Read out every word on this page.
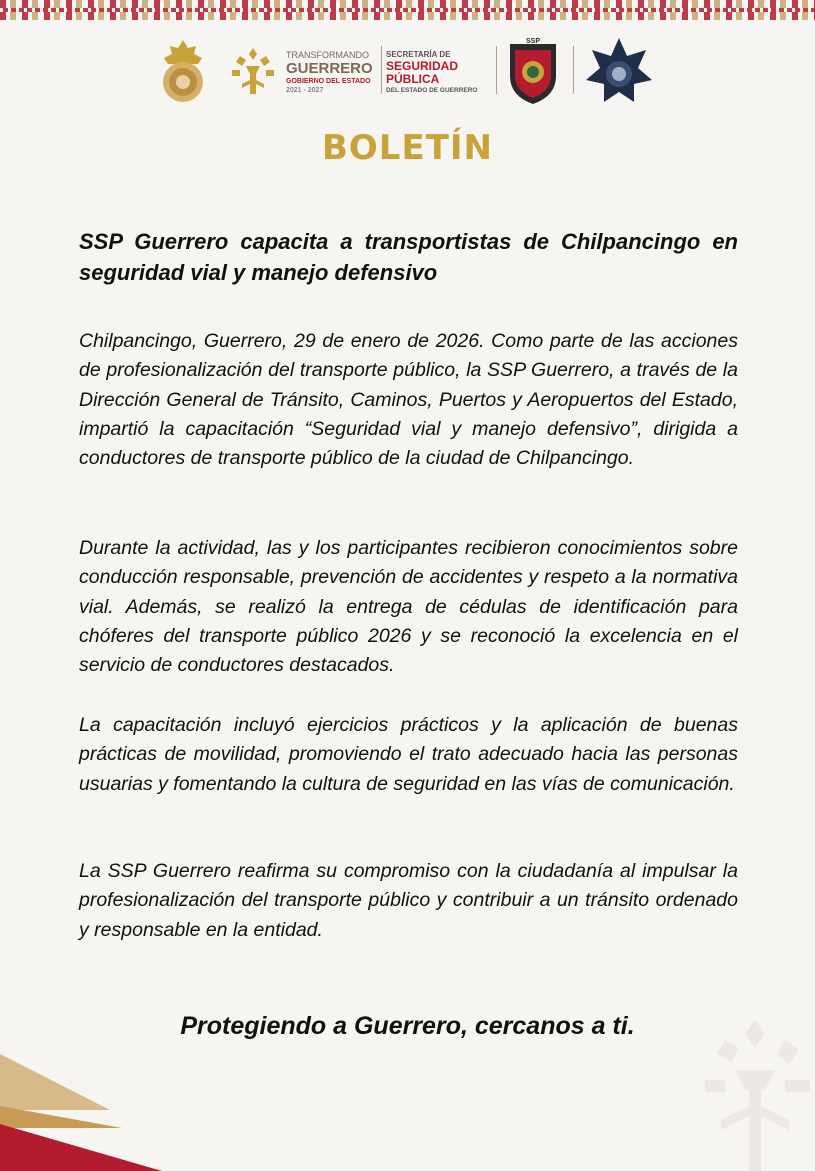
TRANSFORMANDO
GUERRERO
GOBIERNO DEL ESTADO
2021 - 2027
SECRETARÍA DE
SEGURIDAD
PÚBLICA
DEL ESTADO DE GUERRERO
SSP
BOLETÍN
SSP Guerrero capacita a transportistas de Chilpancingo en seguridad vial y manejo defensivo

Chilpancingo, Guerrero, 29 de enero de 2026. Como parte de las acciones de profesionalización del transporte público, la SSP Guerrero, a través de la Dirección General de Tránsito, Caminos, Puertos y Aeropuertos del Estado, impartió la capacitación “Seguridad vial y manejo defensivo”, dirigida a conductores de transporte público de la ciudad de Chilpancingo.

Durante la actividad, las y los participantes recibieron conocimientos sobre conducción responsable, prevención de accidentes y respeto a la normativa vial. Además, se realizó la entrega de cédulas de identificación para chóferes del transporte público 2026 y se reconoció la excelencia en el servicio de conductores destacados.

La capacitación incluyó ejercicios prácticos y la aplicación de buenas prácticas de movilidad, promoviendo el trato adecuado hacia las personas usuarias y fomentando la cultura de seguridad en las vías de comunicación.

La SSP Guerrero reafirma su compromiso con la ciudadanía al impulsar la profesionalización del transporte público y contribuir a un tránsito ordenado y responsable en la entidad.

Protegiendo a Guerrero, cercanos a ti.
